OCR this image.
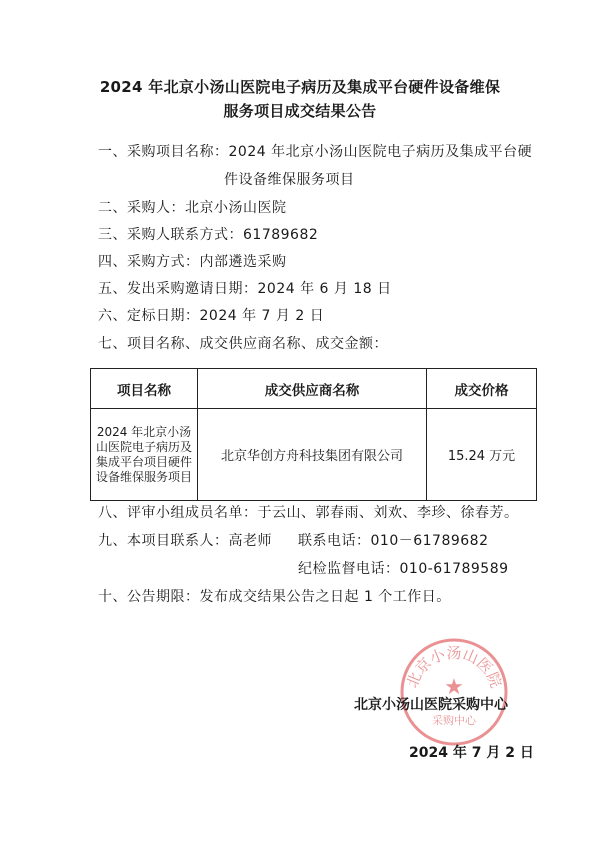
2024 年北京小汤山医院电子病历及集成平台硬件设备维保
服务项目成交结果公告
一、采购项目名称：2024 年北京小汤山医院电子病历及集成平台硬
件设备维保服务项目
二、采购人：北京小汤山医院
三、采购人联系方式：61789682
四、采购方式：内部遴选采购
五、发出采购邀请日期：2024 年 6 月 18 日
六、定标日期：2024 年 7 月 2 日
七、项目名称、成交供应商名称、成交金额：
项目名称	成交供应商名称	成交价格
2024 年北京小汤山医院电子病历及集成平台项目硬件设备维保服务项目	北京华创方舟科技集团有限公司	15.24 万元
八、评审小组成员名单：于云山、郭春雨、刘欢、李珍、徐春芳。
九、本项目联系人：高老师 联系电话：010－61789682
纪检监督电话：010-61789589
十、公告期限：发布成交结果公告之日起 1 个工作日。
北京小汤山医院
★
采购中心
北京小汤山医院采购中心
2024 年 7 月 2 日
